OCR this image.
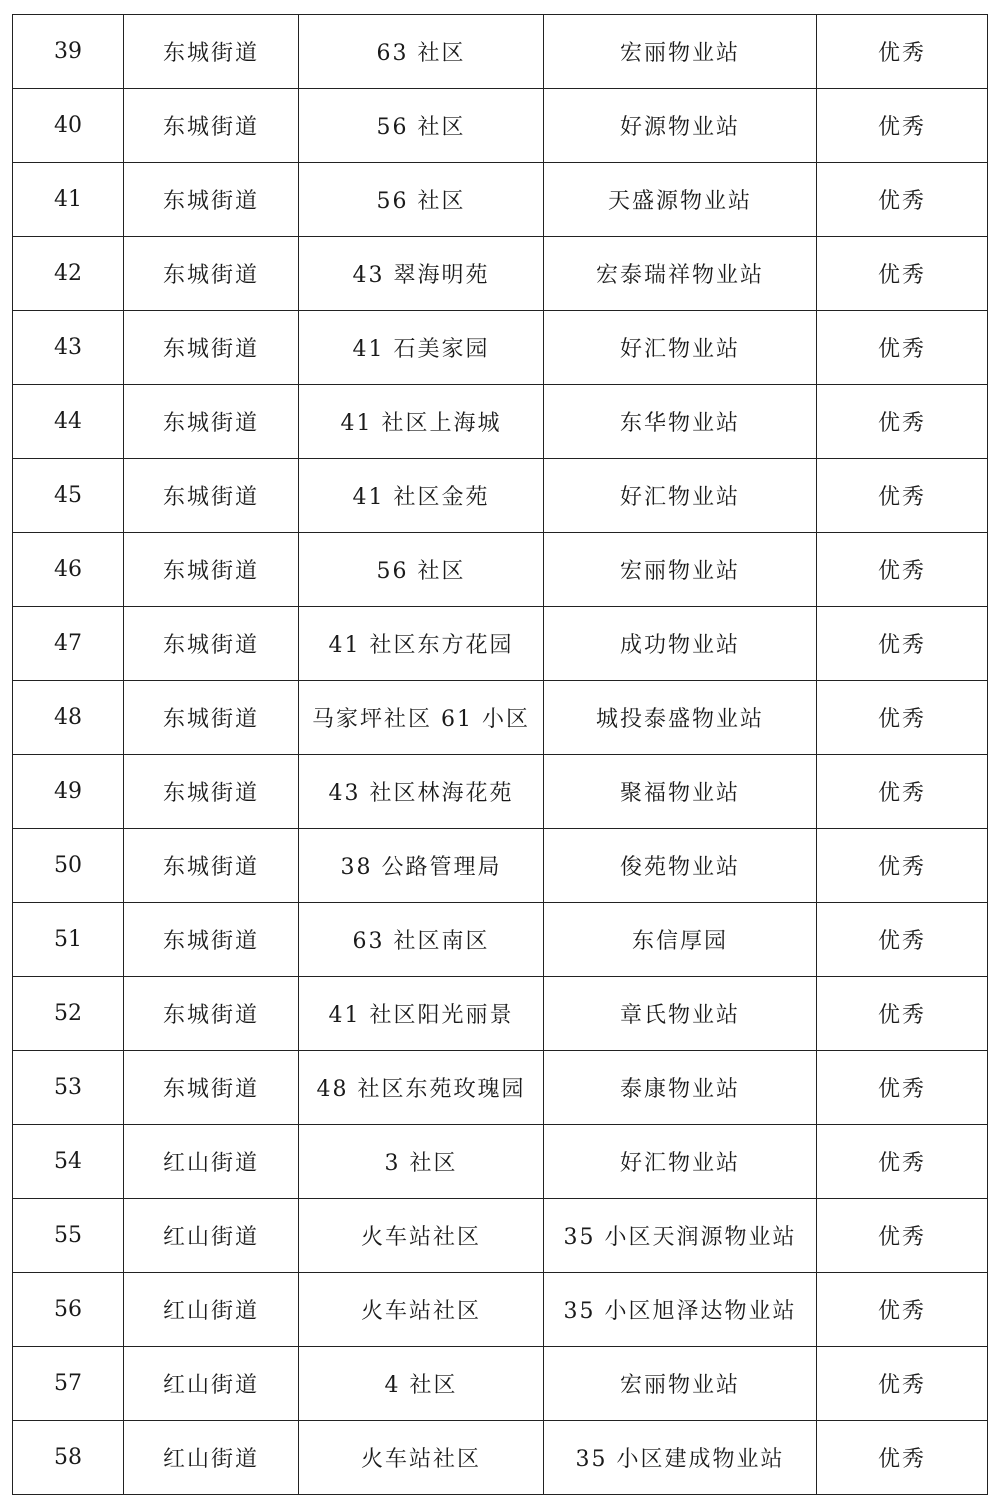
39	东城街道	63 社区	宏丽物业站	优秀
40	东城街道	56 社区	好源物业站	优秀
41	东城街道	56 社区	天盛源物业站	优秀
42	东城街道	43 翠海明苑	宏泰瑞祥物业站	优秀
43	东城街道	41 石美家园	好汇物业站	优秀
44	东城街道	41 社区上海城	东华物业站	优秀
45	东城街道	41 社区金苑	好汇物业站	优秀
46	东城街道	56 社区	宏丽物业站	优秀
47	东城街道	41 社区东方花园	成功物业站	优秀
48	东城街道	马家坪社区 61 小区	城投泰盛物业站	优秀
49	东城街道	43 社区林海花苑	聚福物业站	优秀
50	东城街道	38 公路管理局	俊苑物业站	优秀
51	东城街道	63 社区南区	东信厚园	优秀
52	东城街道	41 社区阳光丽景	章氏物业站	优秀
53	东城街道	48 社区东苑玫瑰园	泰康物业站	优秀
54	红山街道	3 社区	好汇物业站	优秀
55	红山街道	火车站社区	35 小区天润源物业站	优秀
56	红山街道	火车站社区	35 小区旭泽达物业站	优秀
57	红山街道	4 社区	宏丽物业站	优秀
58	红山街道	火车站社区	35 小区建成物业站	优秀
